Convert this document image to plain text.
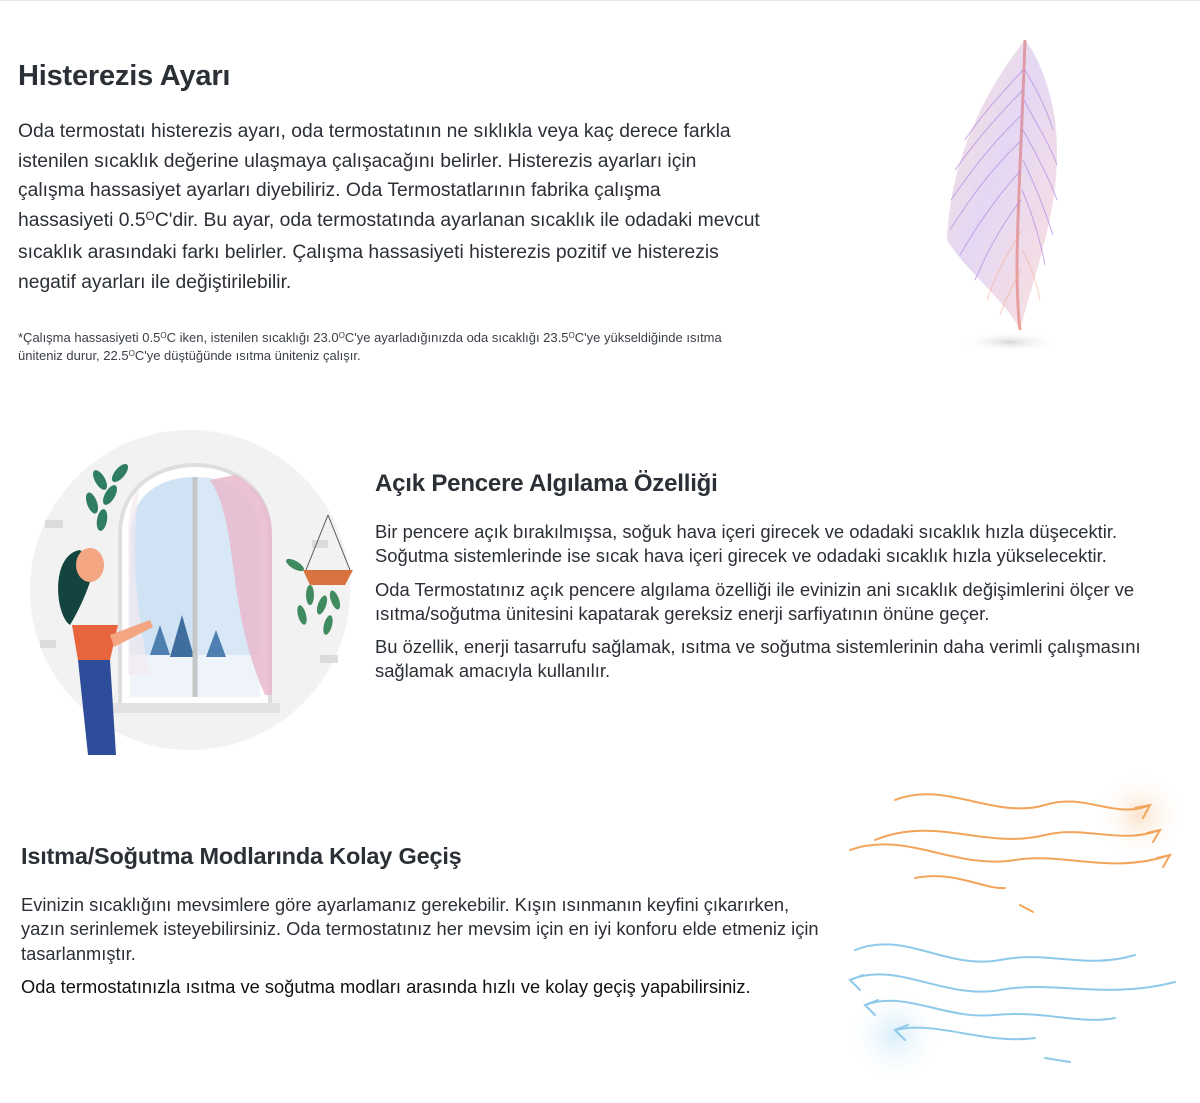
Histerezis Ayarı
Oda termostatı histerezis ayarı, oda termostatının ne sıklıkla veya kaç derece farkla
istenilen sıcaklık değerine ulaşmaya çalışacağını belirler. Histerezis ayarları için
çalışma hassasiyet ayarları diyebiliriz. Oda Termostatlarının fabrika çalışma
hassasiyeti $0.5^OC'dir$. Bu ayar, oda termostatında ayarlanan sıcaklık ile odadaki mevcut
sıcaklık arasındaki farkı belirler. Çalışma hassasiyeti histerezis pozitif ve histerezis
negatif ayarları ile değiştirilebilir.
*Çalışma hassasiyeti $0.5^OC$ iken, istenilen sıcaklığı $23.0^OC'ye$ ayarladığınızda oda sıcaklığı $23.5^OC'ye$ yükseldiğinde ısıtma
üniteniz durur, $22.5^OC'ye$ düştüğünde ısıtma üniteniz çalışır.
Açık Pencere Algılama Özelliği

Bir pencere açık bırakılmışsa, soğuk hava içeri girecek ve odadaki sıcaklık hızla düşecektir. Soğutma sistemlerinde ise sıcak hava içeri girecek ve odadaki sıcaklık hızla yükselecektir.

Oda Termostatınız açık pencere algılama özelliği ile evinizin ani sıcaklık değişimlerini ölçer ve ısıtma/soğutma ünitesini kapatarak gereksiz enerji sarfiyatının önüne geçer.

Bu özellik, enerji tasarrufu sağlamak, ısıtma ve soğutma sistemlerinin daha verimli çalışmasını sağlamak amacıyla kullanılır.

Isıtma/Soğutma Modlarında Kolay Geçiş

Evinizin sıcaklığını mevsimlere göre ayarlamanız gerekebilir. Kışın ısınmanın keyfini çıkarırken, yazın serinlemek isteyebilirsiniz. Oda termostatınız her mevsim için en iyi konforu elde etmeniz için tasarlanmıştır.

Oda termostatınızla ısıtma ve soğutma modları arasında hızlı ve kolay geçiş yapabilirsiniz.
